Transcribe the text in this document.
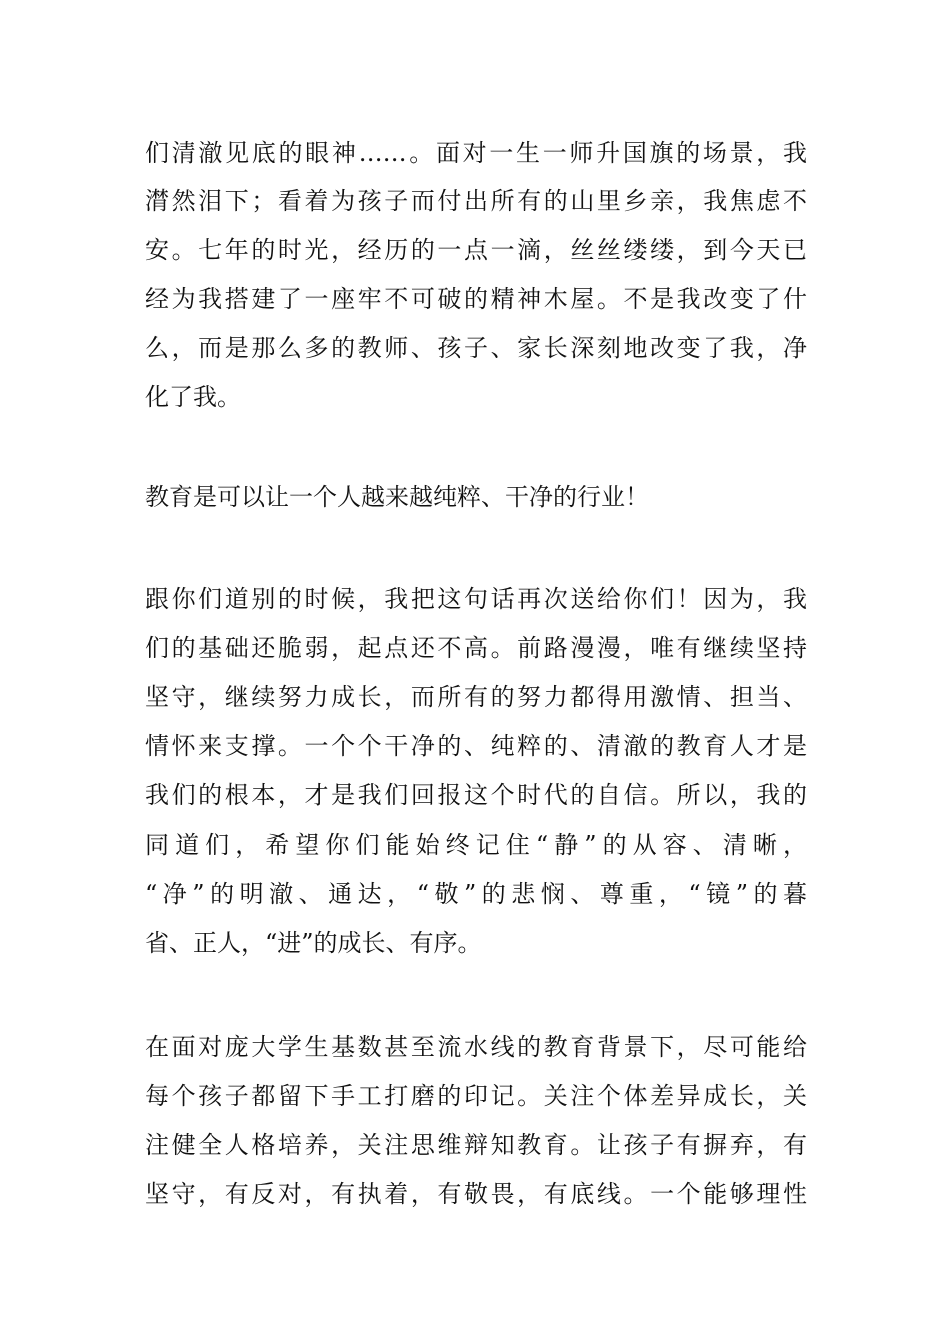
们清澈见底的眼神……。面对一生一师升国旗的场景，我
潸然泪下；看着为孩子而付出所有的山里乡亲，我焦虑不
安。七年的时光，经历的一点一滴，丝丝缕缕，到今天已
经为我搭建了一座牢不可破的精神木屋。不是我改变了什
么，而是那么多的教师、孩子、家长深刻地改变了我，净
化了我。
教育是可以让一个人越来越纯粹、干净的行业！
跟你们道别的时候，我把这句话再次送给你们！因为，我
们的基础还脆弱，起点还不高。前路漫漫，唯有继续坚持
坚守，继续努力成长，而所有的努力都得用激情、担当、
情怀来支撑。一个个干净的、纯粹的、清澈的教育人才是
我们的根本，才是我们回报这个时代的自信。所以，我的
同道们，希望你们能始终记住“静”的从容、清晰，
“净”的明澈、通达，“敬”的悲悯、尊重，“镜”的暮
省、正人，“进”的成长、有序。
在面对庞大学生基数甚至流水线的教育背景下，尽可能给
每个孩子都留下手工打磨的印记。关注个体差异成长，关
注健全人格培养，关注思维辩知教育。让孩子有摒弃，有
坚守，有反对，有执着，有敬畏，有底线。一个能够理性
